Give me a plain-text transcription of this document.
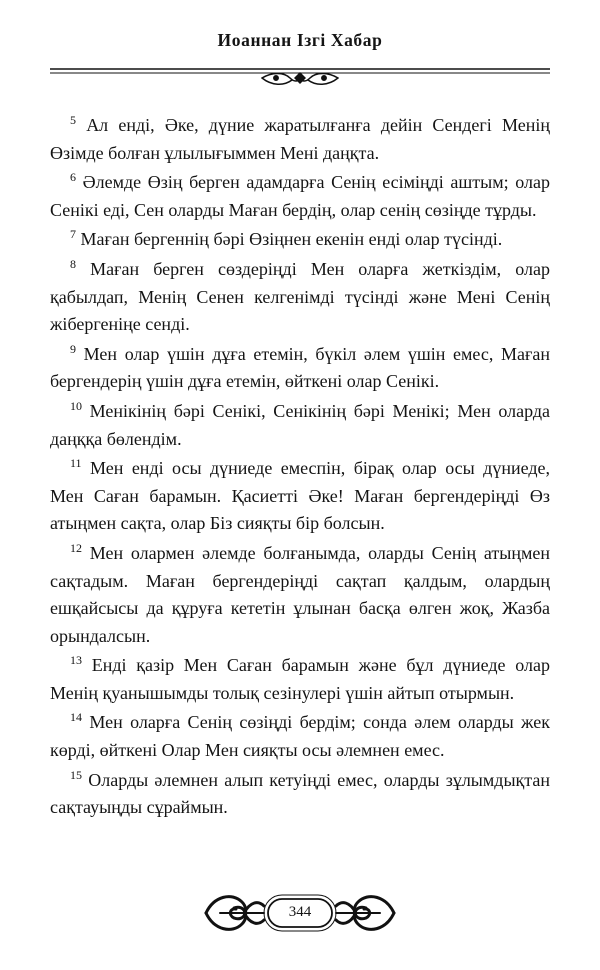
Иоаннан Ізгі Хабар

$^5$ Ал енді, Әке, дүние жаратылғанға дейін Сендегі Менің Өзімде болған ұлылығыммен Мені даңқта.

$^6$ Әлемде Өзің берген адамдарға Сенің есіміңді аштым; олар Сенікі еді, Сен оларды Маған бердің, олар сенің сөзіңде тұрды.

$^7$ Маған бергеннің бәрі Өзіңнен екенін енді олар түсінді.

$^8$ Маған берген сөздеріңді Мен оларға жеткіздім, олар қабылдап, Менің Сенен келгенімді түсінді және Мені Сенің жібергеніңе сенді.

$^9$ Мен олар үшін дұға етемін, бүкіл әлем үшін емес, Маған бергендерің үшін дұға етемін, өйткені олар Сенікі.

$^{10}$ Менікінің бәрі Сенікі, Сенікінің бәрі Менікі; Мен оларда даңққа бөлендім.

$^{11}$ Мен енді осы дүниеде емеспін, бірақ олар осы дүниеде, Мен Саған барамын. Қасиетті Әке! Маған бергендеріңді Өз атыңмен сақта, олар Біз сияқты бір болсын.

$^{12}$ Мен олармен әлемде болғанымда, оларды Сенің атыңмен сақтадым. Маған бергендеріңді сақтап қалдым, олардың ешқайсысы да құруға кететін ұлынан басқа өлген жоқ, Жазба орындалсын.

$^{13}$ Енді қазір Мен Саған барамын және бұл дүниеде олар Менің қуанышымды толық сезінулері үшін айтып отырмын.

$^{14}$ Мен оларға Сенің сөзіңді бердім; сонда әлем оларды жек көрді, өйткені Олар Мен сияқты осы әлемнен емес.

$^{15}$ Оларды әлемнен алып кетуіңді емес, оларды зұлымдықтан сақтауыңды сұраймын.

344
